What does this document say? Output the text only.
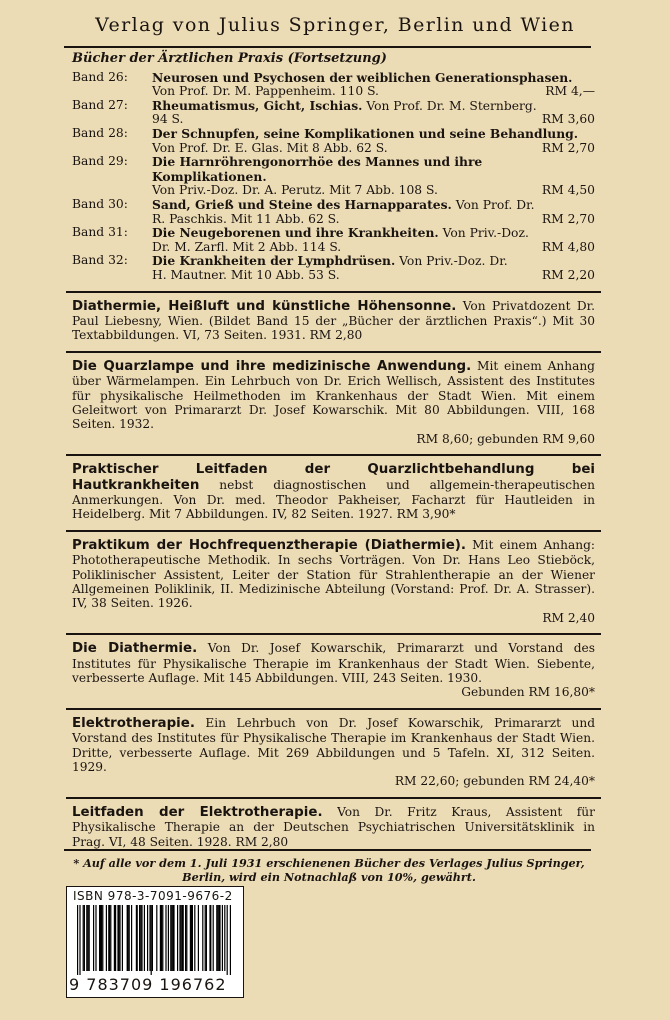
Verlag von Julius Springer, Berlin und Wien
Bücher der Ärztlichen Praxis (Fortsetzung)
Band 26:	Neurosen und Psychosen der weiblichen Generationsphasen.
Von Prof. Dr. M. Pappenheim. 110 S.	RM 4,—
Band 27:	Rheumatismus, Gicht, Ischias. Von Prof. Dr. M. Sternberg.
94 S.	RM 3,60
Band 28:	Der Schnupfen, seine Komplikationen und seine Behandlung.
Von Prof. Dr. E. Glas. Mit 8 Abb. 62 S.	RM 2,70
Band 29:	Die Harnröhrengonorrhöe des Mannes und ihre Komplikationen.
Von Priv.-Doz. Dr. A. Perutz. Mit 7 Abb. 108 S.	RM 4,50
Band 30:	Sand, Grieß und Steine des Harnapparates. Von Prof. Dr.
R. Paschkis. Mit 11 Abb. 62 S.	RM 2,70
Band 31:	Die Neugeborenen und ihre Krankheiten. Von Priv.-Doz.
Dr. M. Zarfl. Mit 2 Abb. 114 S.	RM 4,80
Band 32:	Die Krankheiten der Lymphdrüsen. Von Priv.-Doz. Dr.
H. Mautner. Mit 10 Abb. 53 S.	RM 2,20
Diathermie, Heißluft und künstliche Höhensonne. Von Privatdozent Dr. Paul Liebesny, Wien. (Bildet Band 15 der „Bücher der ärztlichen Praxis“.) Mit 30 Textabbildungen. VI, 73 Seiten. 1931. RM 2,80
Die Quarzlampe und ihre medizinische Anwendung. Mit einem Anhang über Wärmelampen. Ein Lehrbuch von Dr. Erich Wellisch, Assistent des Institutes für physikalische Heilmethoden im Krankenhaus der Stadt Wien. Mit einem Geleitwort von Primararzt Dr. Josef Kowarschik. Mit 80 Abbildungen. VIII, 168 Seiten. 1932.
RM 8,60; gebunden RM 9,60
Praktischer Leitfaden der Quarzlichtbehandlung bei Hautkrankheiten nebst diagnostischen und allgemein-therapeutischen Anmerkungen. Von Dr. med. Theodor Pakheiser, Facharzt für Hautleiden in Heidelberg. Mit 7 Abbildungen. IV, 82 Seiten. 1927. RM 3,90*
Praktikum der Hochfrequenztherapie (Diathermie). Mit einem Anhang: Phototherapeutische Methodik. In sechs Vorträgen. Von Dr. Hans Leo Stieböck, Poliklinischer Assistent, Leiter der Station für Strahlentherapie an der Wiener Allgemeinen Poliklinik, II. Medizinische Abteilung (Vorstand: Prof. Dr. A. Strasser). IV, 38 Seiten. 1926.
RM 2,40
Die Diathermie. Von Dr. Josef Kowarschik, Primararzt und Vorstand des Institutes für Physikalische Therapie im Krankenhaus der Stadt Wien. Siebente, verbesserte Auflage. Mit 145 Abbildungen. VIII, 243 Seiten. 1930.
Gebunden RM 16,80*
Elektrotherapie. Ein Lehrbuch von Dr. Josef Kowarschik, Primararzt und Vorstand des Institutes für Physikalische Therapie im Krankenhaus der Stadt Wien. Dritte, verbesserte Auflage. Mit 269 Abbildungen und 5 Tafeln. XI, 312 Seiten. 1929.
RM 22,60; gebunden RM 24,40*
Leitfaden der Elektrotherapie. Von Dr. Fritz Kraus, Assistent für Physikalische Therapie an der Deutschen Psychiatrischen Universitätsklinik in Prag. VI, 48 Seiten. 1928. RM 2,80
* Auf alle vor dem 1. Juli 1931 erschienenen Bücher des Verlages Julius Springer, Berlin, wird ein Notnachlaß von 10%, gewährt.
ISBN 978-3-7091-9676-2
9 783709 196762
